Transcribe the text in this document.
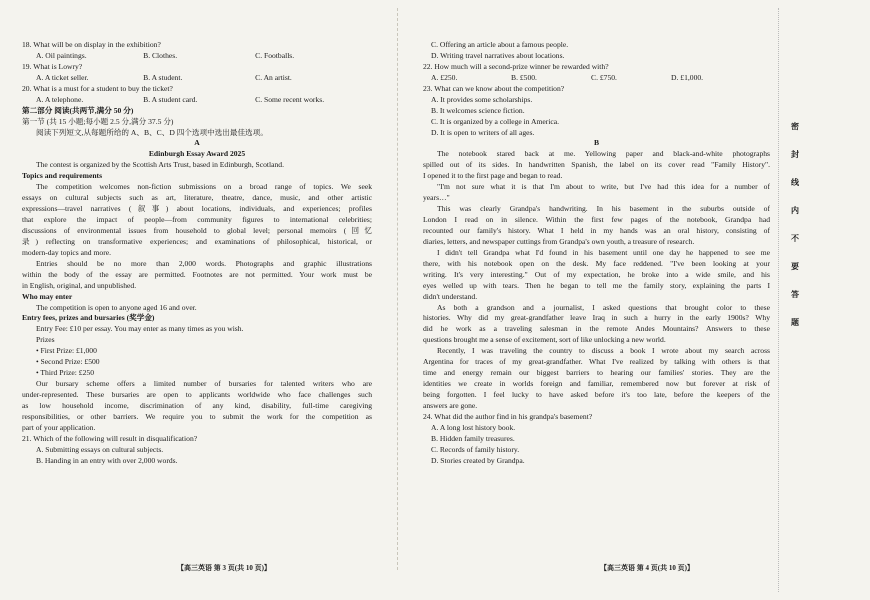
18. What will be on display in the exhibition?
A. Oil paintings.	B. Clothes.	C. Footballs.
19. What is Lowry?
A. A ticket seller.	B. A student.	C. An artist.
20. What is a must for a student to buy the ticket?
A. A telephone.	B. A student card.	C. Some recent works.
第二部分 阅读(共两节,满分 50 分)
第一节 (共 15 小题;每小题 2.5 分,满分 37.5 分)
阅读下列短文,从每题所给的 A、B、C、D 四个选项中选出最佳选项。
A
Edinburgh Essay Award 2025
The contest is organized by the Scottish Arts Trust, based in Edinburgh, Scotland.
Topics and requirements
The competition welcomes non-fiction submissions on a broad range of topics. We seek
essays on cultural subjects such as art, literature, theatre, dance, music, and other artistic
expressions—travel narratives (叙事) about locations, individuals, and experiences; profiles
that explore the impact of people—from community figures to international celebrities;
discussions of environmental issues from household to global level; personal memoirs (回忆
录) reflecting on transformative experiences; and examinations of philosophical, historical, or
modern-day topics and more.
Entries should be no more than 2,000 words. Photographs and graphic illustrations
within the body of the essay are permitted. Footnotes are not permitted. Your work must be
in English, original, and unpublished.
Who may enter
The competition is open to anyone aged 16 and over.
Entry fees, prizes and bursaries (奖学金)
Entry Fee: £10 per essay. You may enter as many times as you wish.
Prizes
• First Prize: £1,000
• Second Prize: £500
• Third Prize: £250
Our bursary scheme offers a limited number of bursaries for talented writers who are
under-represented. These bursaries are open to applicants worldwide who face challenges such
as low household income, discrimination of any kind, disability, full-time caregiving
responsibilities, or other barriers. We require you to submit the work for the competition as
part of your application.
21. Which of the following will result in disqualification?
A. Submitting essays on cultural subjects.
B. Handing in an entry with over 2,000 words.
C. Offering an article about a famous people.
D. Writing travel narratives about locations.
22. How much will a second-prize winner be rewarded with?
A. £250.	B. £500.	C. £750.	D. £1,000.
23. What can we know about the competition?
A. It provides some scholarships.
B. It welcomes science fiction.
C. It is organized by a college in America.
D. It is open to writers of all ages.
B
The notebook stared back at me. Yellowing paper and black-and-white photographs
spilled out of its sides. In handwritten Spanish, the label on its cover read "Family History".
I opened it to the first page and began to read.
"I'm not sure what it is that I'm about to write, but I've had this idea for a number of
years…"
This was clearly Grandpa's handwriting. In his basement in the suburbs outside of
London I read on in silence. Within the first few pages of the notebook, Grandpa had
recounted our family's history. What I held in my hands was an oral history, consisting of
diaries, letters, and newspaper cuttings from Grandpa's own youth, a treasure of research.
I didn't tell Grandpa what I'd found in his basement until one day he happened to see me
there, with his notebook open on the desk. My face reddened. "I've been looking at your
writing. It's very interesting." Out of my expectation, he broke into a wide smile, and his
eyes welled up with tears. Then he began to tell me the family story, explaining the parts I
didn't understand.
As both a grandson and a journalist, I asked questions that brought color to these
histories. Why did my great-grandfather leave Iraq in such a hurry in the early 1900s? Why
did he work as a traveling salesman in the remote Andes Mountains? Answers to these
questions brought me a sense of excitement, sort of like unlocking a new world.
Recently, I was traveling the country to discuss a book I wrote about my search across
Argentina for traces of my great-grandfather. What I've realized by talking with others is that
time and energy remain our biggest barriers to hearing our families' stories. They are the
identities we create in worlds foreign and familiar, remembered now but forever at risk of
being forgotten. I feel lucky to have asked before it's too late, before the keepers of the
answers are gone.
24. What did the author find in his grandpa's basement?
A. A long lost history book.
B. Hidden family treasures.
C. Records of family history.
D. Stories created by Grandpa.
【高三英语 第 3 页(共 10 页)】	【高三英语 第 4 页(共 10 页)】
密
封
线
内
不
要
答
题
